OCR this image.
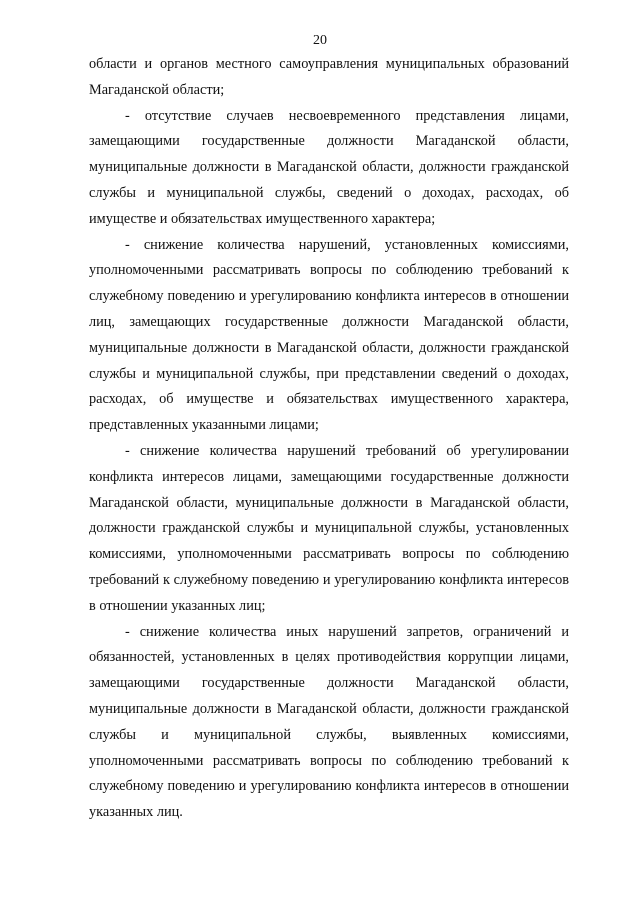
20

области и органов местного самоуправления муниципальных образований Магаданской области;

- отсутствие случаев несвоевременного представления лицами, замещающими государственные должности Магаданской области, муниципальные должности в Магаданской области, должности гражданской службы и муниципальной службы, сведений о доходах, расходах, об имуществе и обязательствах имущественного характера;

- снижение количества нарушений, установленных комиссиями, уполномоченными рассматривать вопросы по соблюдению требований к служебному поведению и урегулированию конфликта интересов в отношении лиц, замещающих государственные должности Магаданской области, муниципальные должности в Магаданской области, должности гражданской службы и муниципальной службы, при представлении сведений о доходах, расходах, об имуществе и обязательствах имущественного характера, представленных указанными лицами;

- снижение количества нарушений требований об урегулировании конфликта интересов лицами, замещающими государственные должности Магаданской области, муниципальные должности в Магаданской области, должности гражданской службы и муниципальной службы, установленных комиссиями, уполномоченными рассматривать вопросы по соблюдению требований к служебному поведению и урегулированию конфликта интересов в отношении указанных лиц;

- снижение количества иных нарушений запретов, ограничений и обязанностей, установленных в целях противодействия коррупции лицами, замещающими государственные должности Магаданской области, муниципальные должности в Магаданской области, должности гражданской службы и муниципальной службы, выявленных комиссиями, уполномоченными рассматривать вопросы по соблюдению требований к служебному поведению и урегулированию конфликта интересов в отношении указанных лиц.
